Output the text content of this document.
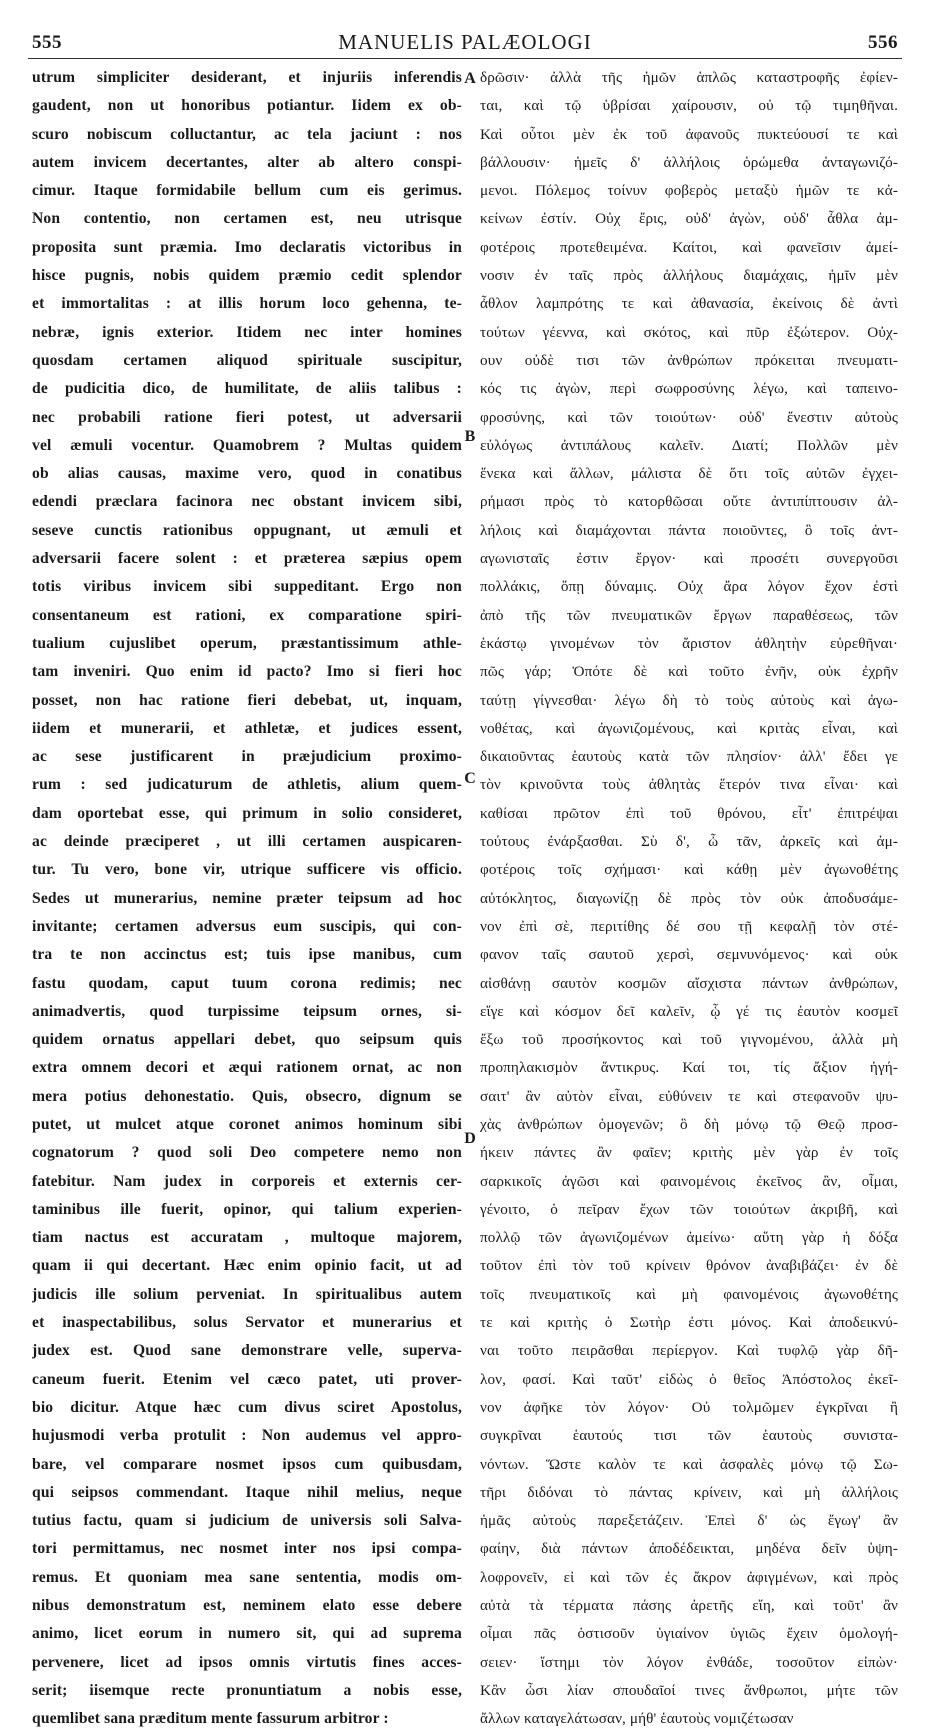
555	MANUELIS PALÆOLOGI	556
utrum simpliciter desiderant, et injuriis inferendis
gaudent, non ut honoribus potiantur. Iidem ex ob-
scuro nobiscum colluctantur, ac tela jaciunt : nos
autem invicem decertantes, alter ab altero conspi-
cimur. Itaque formidabile bellum cum eis gerimus.
Non contentio, non certamen est, neu utrisque
proposita sunt præmia. Imo declaratis victoribus in
hisce pugnis, nobis quidem præmio cedit splendor
et immortalitas : at illis horum loco gehenna, te-
nebræ, ignis exterior. Itidem nec inter homines
quosdam certamen aliquod spirituale suscipitur,
de pudicitia dico, de humilitate, de aliis talibus :
nec probabili ratione fieri potest, ut adversarii
vel æmuli vocentur. Quamobrem ? Multas quidem
ob alias causas, maxime vero, quod in conatibus
edendi præclara facinora nec obstant invicem sibi,
seseve cunctis rationibus oppugnant, ut æmuli et
adversarii facere solent : et præterea sæpius opem
totis viribus invicem sibi suppeditant. Ergo non
consentaneum est rationi, ex comparatione spiri-
tualium cujuslibet operum, præstantissimum athle-
tam inveniri. Quo enim id pacto? Imo si fieri hoc
posset, non hac ratione fieri debebat, ut, inquam,
iidem et munerarii, et athletæ, et judices essent,
ac sese justificarent in præjudicium proximo-
rum : sed judicaturum de athletis, alium quem-
dam oportebat esse, qui primum in solio consideret,
ac deinde præciperet , ut illi certamen auspicaren-
tur. Tu vero, bone vir, utrique sufficere vis officio.
Sedes ut munerarius, nemine præter teipsum ad hoc
invitante; certamen adversus eum suscipis, qui con-
tra te non accinctus est; tuis ipse manibus, cum
fastu quodam, caput tuum corona redimis; nec
animadvertis, quod turpissime teipsum ornes, si-
quidem ornatus appellari debet, quo seipsum quis
extra omnem decori et æqui rationem ornat, ac non
mera potius dehonestatio. Quis, obsecro, dignum se
putet, ut mulcet atque coronet animos hominum sibi
cognatorum ? quod soli Deo competere nemo non
fatebitur. Nam judex in corporeis et externis cer-
taminibus ille fuerit, opinor, qui talium experien-
tiam nactus est accuratam , multoque majorem,
quam ii qui decertant. Hæc enim opinio facit, ut ad
judicis ille solium perveniat. In spiritualibus autem
et inaspectabilibus, solus Servator et munerarius et
judex est. Quod sane demonstrare velle, superva-
caneum fuerit. Etenim vel cæco patet, uti prover-
bio dicitur. Atque hæc cum divus sciret Apostolus,
hujusmodi verba protulit : Non audemus vel appro-
bare, vel comparare nosmet ipsos cum quibusdam,
qui seipsos commendant. Itaque nihil melius, neque
tutius factu, quam si judicium de universis soli Salva-
tori permittamus, nec nosmet inter nos ipsi compa-
remus. Et quoniam mea sane sententia, modis om-
nibus demonstratum est, neminem elato esse debere
animo, licet eorum in numero sit, qui ad suprema
pervenere, licet ad ipsos omnis virtutis fines acces-
serit; iisemque recte pronuntiatum a nobis esse,
quemlibet sana præditum mente fassurum arbitror :
A
B
C
D
δρῶσιν· ἀλλὰ τῆς ἡμῶν ἁπλῶς καταστροφῆς ἐφίεν-
ται, καὶ τῷ ὑβρίσαι χαίρουσιν, οὐ τῷ τιμηθῆναι.
Καὶ οὗτοι μὲν ἐκ τοῦ ἀφανοῦς πυκτεύουσί τε καὶ
βάλλουσιν· ἡμεῖς δ' ἀλλήλοις ὁρώμεθα ἀνταγωνιζό-
μενοι. Πόλεμος τοίνυν φοβερὸς μεταξὺ ἡμῶν τε κἀ-
κείνων ἐστίν. Οὐχ ἔρις, οὐδ' ἀγὼν, οὐδ' ἆθλα ἀμ-
φοτέροις προτεθειμένα. Καίτοι, καὶ φανεῖσιν ἀμεί-
νοσιν ἐν ταῖς πρὸς ἀλλήλους διαμάχαις, ἡμῖν μὲν
ἆθλον λαμπρότης τε καὶ ἀθανασία, ἐκείνοις δὲ ἀντὶ
τούτων γέεννα, καὶ σκότος, καὶ πῦρ ἐξώτερον. Οὐχ-
ουν οὐδὲ τισι τῶν ἀνθρώπων πρόκειται πνευματι-
κός τις ἀγὼν, περὶ σωφροσύνης λέγω, καὶ ταπεινο-
φροσύνης, καὶ τῶν τοιούτων· οὐδ' ἔνεστιν αὐτοὺς
εὐλόγως ἀντιπάλους καλεῖν. Διατί; Πολλῶν μὲν
ἕνεκα καὶ ἄλλων, μάλιστα δὲ ὅτι τοῖς αὐτῶν ἐγχει-
ρήμασι πρὸς τὸ κατορθῶσαι οὔτε ἀντιπίπτουσιν ἀλ-
λήλοις καὶ διαμάχονται πάντα ποιοῦντες, ὃ τοῖς ἀντ-
αγωνισταῖς ἐστιν ἔργον· καὶ προσέτι συνεργοῦσι
πολλάκις, ὅπῃ δύναμις. Οὐχ ἄρα λόγον ἔχον ἐστὶ
ἀπὸ τῆς τῶν πνευματικῶν ἔργων παραθέσεως, τῶν
ἑκάστῳ γινομένων τὸν ἄριστον ἀθλητὴν εὑρεθῆναι·
πῶς γάρ; Ὁπότε δὲ καὶ τοῦτο ἐνῆν, οὐκ ἐχρῆν
ταύτῃ γίγνεσθαι· λέγω δὴ τὸ τοὺς αὐτοὺς καὶ ἀγω-
νοθέτας, καὶ ἀγωνιζομένους, καὶ κριτὰς εἶναι, καὶ
δικαιοῦντας ἑαυτοὺς κατὰ τῶν πλησίον· ἀλλ' ἔδει γε
τὸν κρινοῦντα τοὺς ἀθλητὰς ἕτερόν τινα εἶναι· καὶ
καθίσαι πρῶτον ἐπὶ τοῦ θρόνου, εἶτ' ἐπιτρέψαι
τούτους ἐνάρξασθαι. Σὺ δ', ὦ τᾶν, ἀρκεῖς καὶ ἀμ-
φοτέροις τοῖς σχήμασι· καὶ κάθῃ μὲν ἀγωνοθέτης
αὐτόκλητος, διαγωνίζῃ δὲ πρὸς τὸν οὐκ ἀποδυσάμε-
νον ἐπὶ σὲ, περιτίθης δέ σου τῇ κεφαλῇ τὸν στέ-
φανον ταῖς σαυτοῦ χερσὶ, σεμνυνόμενος· καὶ οὐκ
αἰσθάνῃ σαυτὸν κοσμῶν αἴσχιστα πάντων ἀνθρώπων,
εἴγε καὶ κόσμον δεῖ καλεῖν, ᾧ γέ τις ἑαυτὸν κοσμεῖ
ἔξω τοῦ προσήκοντος καὶ τοῦ γιγνομένου, ἀλλὰ μὴ
προπηλακισμὸν ἄντικρυς. Καί τοι, τίς ἄξιον ἡγή-
σαιτ' ἂν αὐτὸν εἶναι, εὐθύνειν τε καὶ στεφανοῦν ψυ-
χὰς ἀνθρώπων ὁμογενῶν; ὃ δὴ μόνῳ τῷ Θεῷ προσ-
ήκειν πάντες ἂν φαῖεν; κριτὴς μὲν γὰρ ἐν τοῖς
σαρκικοῖς ἀγῶσι καὶ φαινομένοις ἐκεῖνος ἂν, οἶμαι,
γένοιτο, ὁ πεῖραν ἔχων τῶν τοιούτων ἀκριβῆ, καὶ
πολλῷ τῶν ἀγωνιζομένων ἀμείνω· αὕτη γὰρ ἡ δόξα
τοῦτον ἐπὶ τὸν τοῦ κρίνειν θρόνον ἀναβιβάζει· ἐν δὲ
τοῖς πνευματικοῖς καὶ μὴ φαινομένοις ἀγωνοθέτης
τε καὶ κριτὴς ὁ Σωτὴρ ἐστι μόνος. Καὶ ἀποδεικνύ-
ναι τοῦτο πειρᾶσθαι περίεργον. Καὶ τυφλῷ γὰρ δῆ-
λον, φασί. Καὶ ταῦτ' εἰδὼς ὁ θεῖος Ἀπόστολος ἐκεῖ-
νον ἀφῆκε τὸν λόγον· Οὐ τολμῶμεν ἐγκρῖναι ἢ
συγκρῖναι ἑαυτούς τισι τῶν ἑαυτοὺς συνιστα-
νόντων. Ὥστε καλὸν τε καὶ ἀσφαλὲς μόνῳ τῷ Σω-
τῆρι διδόναι τὸ πάντας κρίνειν, καὶ μὴ ἀλλήλοις
ἡμᾶς αὐτοὺς παρεξετάζειν. Ἐπεὶ δ' ὡς ἔγωγ' ἂν
φαίην, διὰ πάντων ἀποδέδεικται, μηδένα δεῖν ὑψη-
λοφρονεῖν, εἰ καὶ τῶν ἐς ἄκρον ἀφιγμένων, καὶ πρὸς
αὐτὰ τὰ τέρματα πάσης ἀρετῆς εἴη, καὶ τοῦτ' ἂν
οἶμαι πᾶς ὁστισοῦν ὑγιαίνον ὑγιῶς ἔχειν ὁμολογή-
σειεν· ἵστημι τὸν λόγον ἐνθάδε, τοσοῦτον εἰπὼν·
Κἂν ὦσι λίαν σπουδαῖοί τινες ἄνθρωποι, μήτε τῶν
ἄλλων καταγελάτωσαν, μήθ' ἑαυτοὺς νομιζέτωσαν
